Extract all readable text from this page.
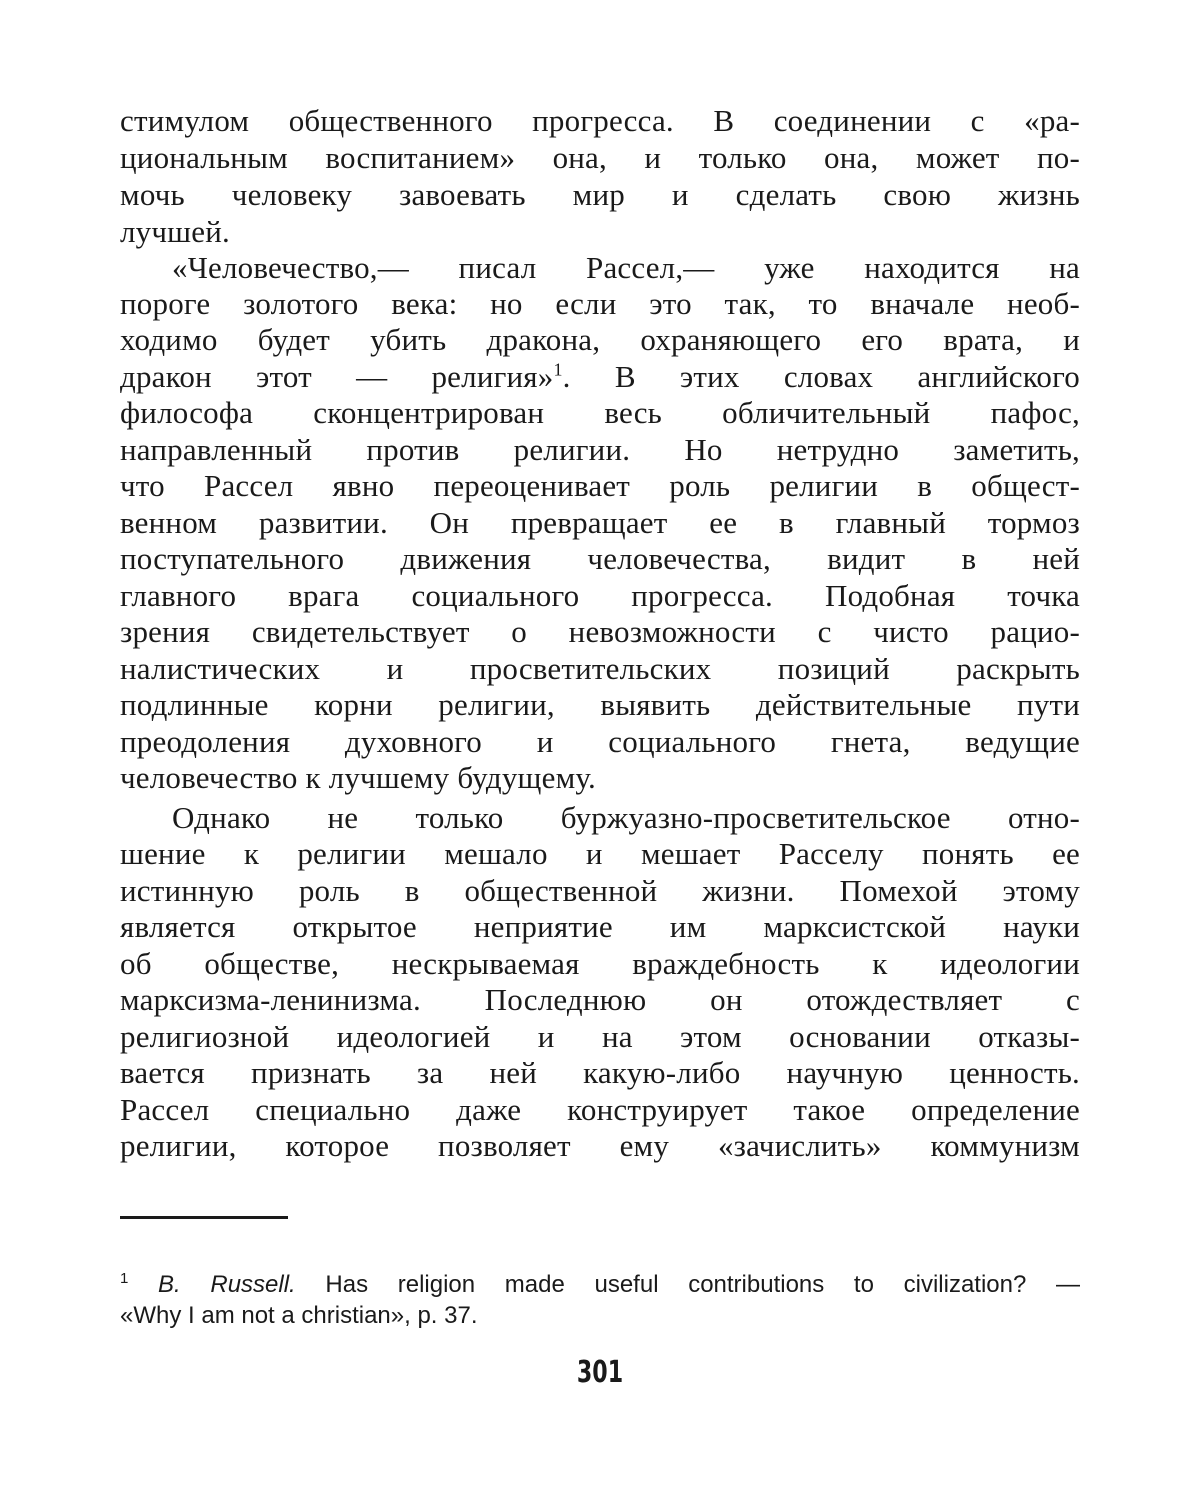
стимулом общественного прогресса. В соединении с «ра-
циональным воспитанием» она, и только она, может по-
мочь человеку завоевать мир и сделать свою жизнь
лучшей.
«Человечество,— писал Рассел,— уже находится на
пороге золотого века: но если это так, то вначале необ-
ходимо будет убить дракона, охраняющего его врата, и
дракон этот — религия»$^1$. В этих словах английского
философа сконцентрирован весь обличительный пафос,
направленный против религии. Но нетрудно заметить,
что Рассел явно переоценивает роль религии в общест-
венном развитии. Он превращает ее в главный тормоз
поступательного движения человечества, видит в ней
главного врага социального прогресса. Подобная точка
зрения свидетельствует о невозможности с чисто рацио-
налистических и просветительских позиций раскрыть
подлинные корни религии, выявить действительные пути
преодоления духовного и социального гнета, ведущие
человечество к лучшему будущему.
Однако не только буржуазно-просветительское отно-
шение к религии мешало и мешает Расселу понять ее
истинную роль в общественной жизни. Помехой этому
является открытое неприятие им марксистской науки
об обществе, нескрываемая враждебность к идеологии
марксизма-ленинизма. Последнюю он отождествляет с
религиозной идеологией и на этом основании отказы-
вается признать за ней какую-либо научную ценность.
Рассел специально даже конструирует такое определение
религии, которое позволяет ему «зачислить» коммунизм
$^1$ B. Russell. Has religion made useful contributions to civilization? —
«Why I am not a christian», p. 37.
301
